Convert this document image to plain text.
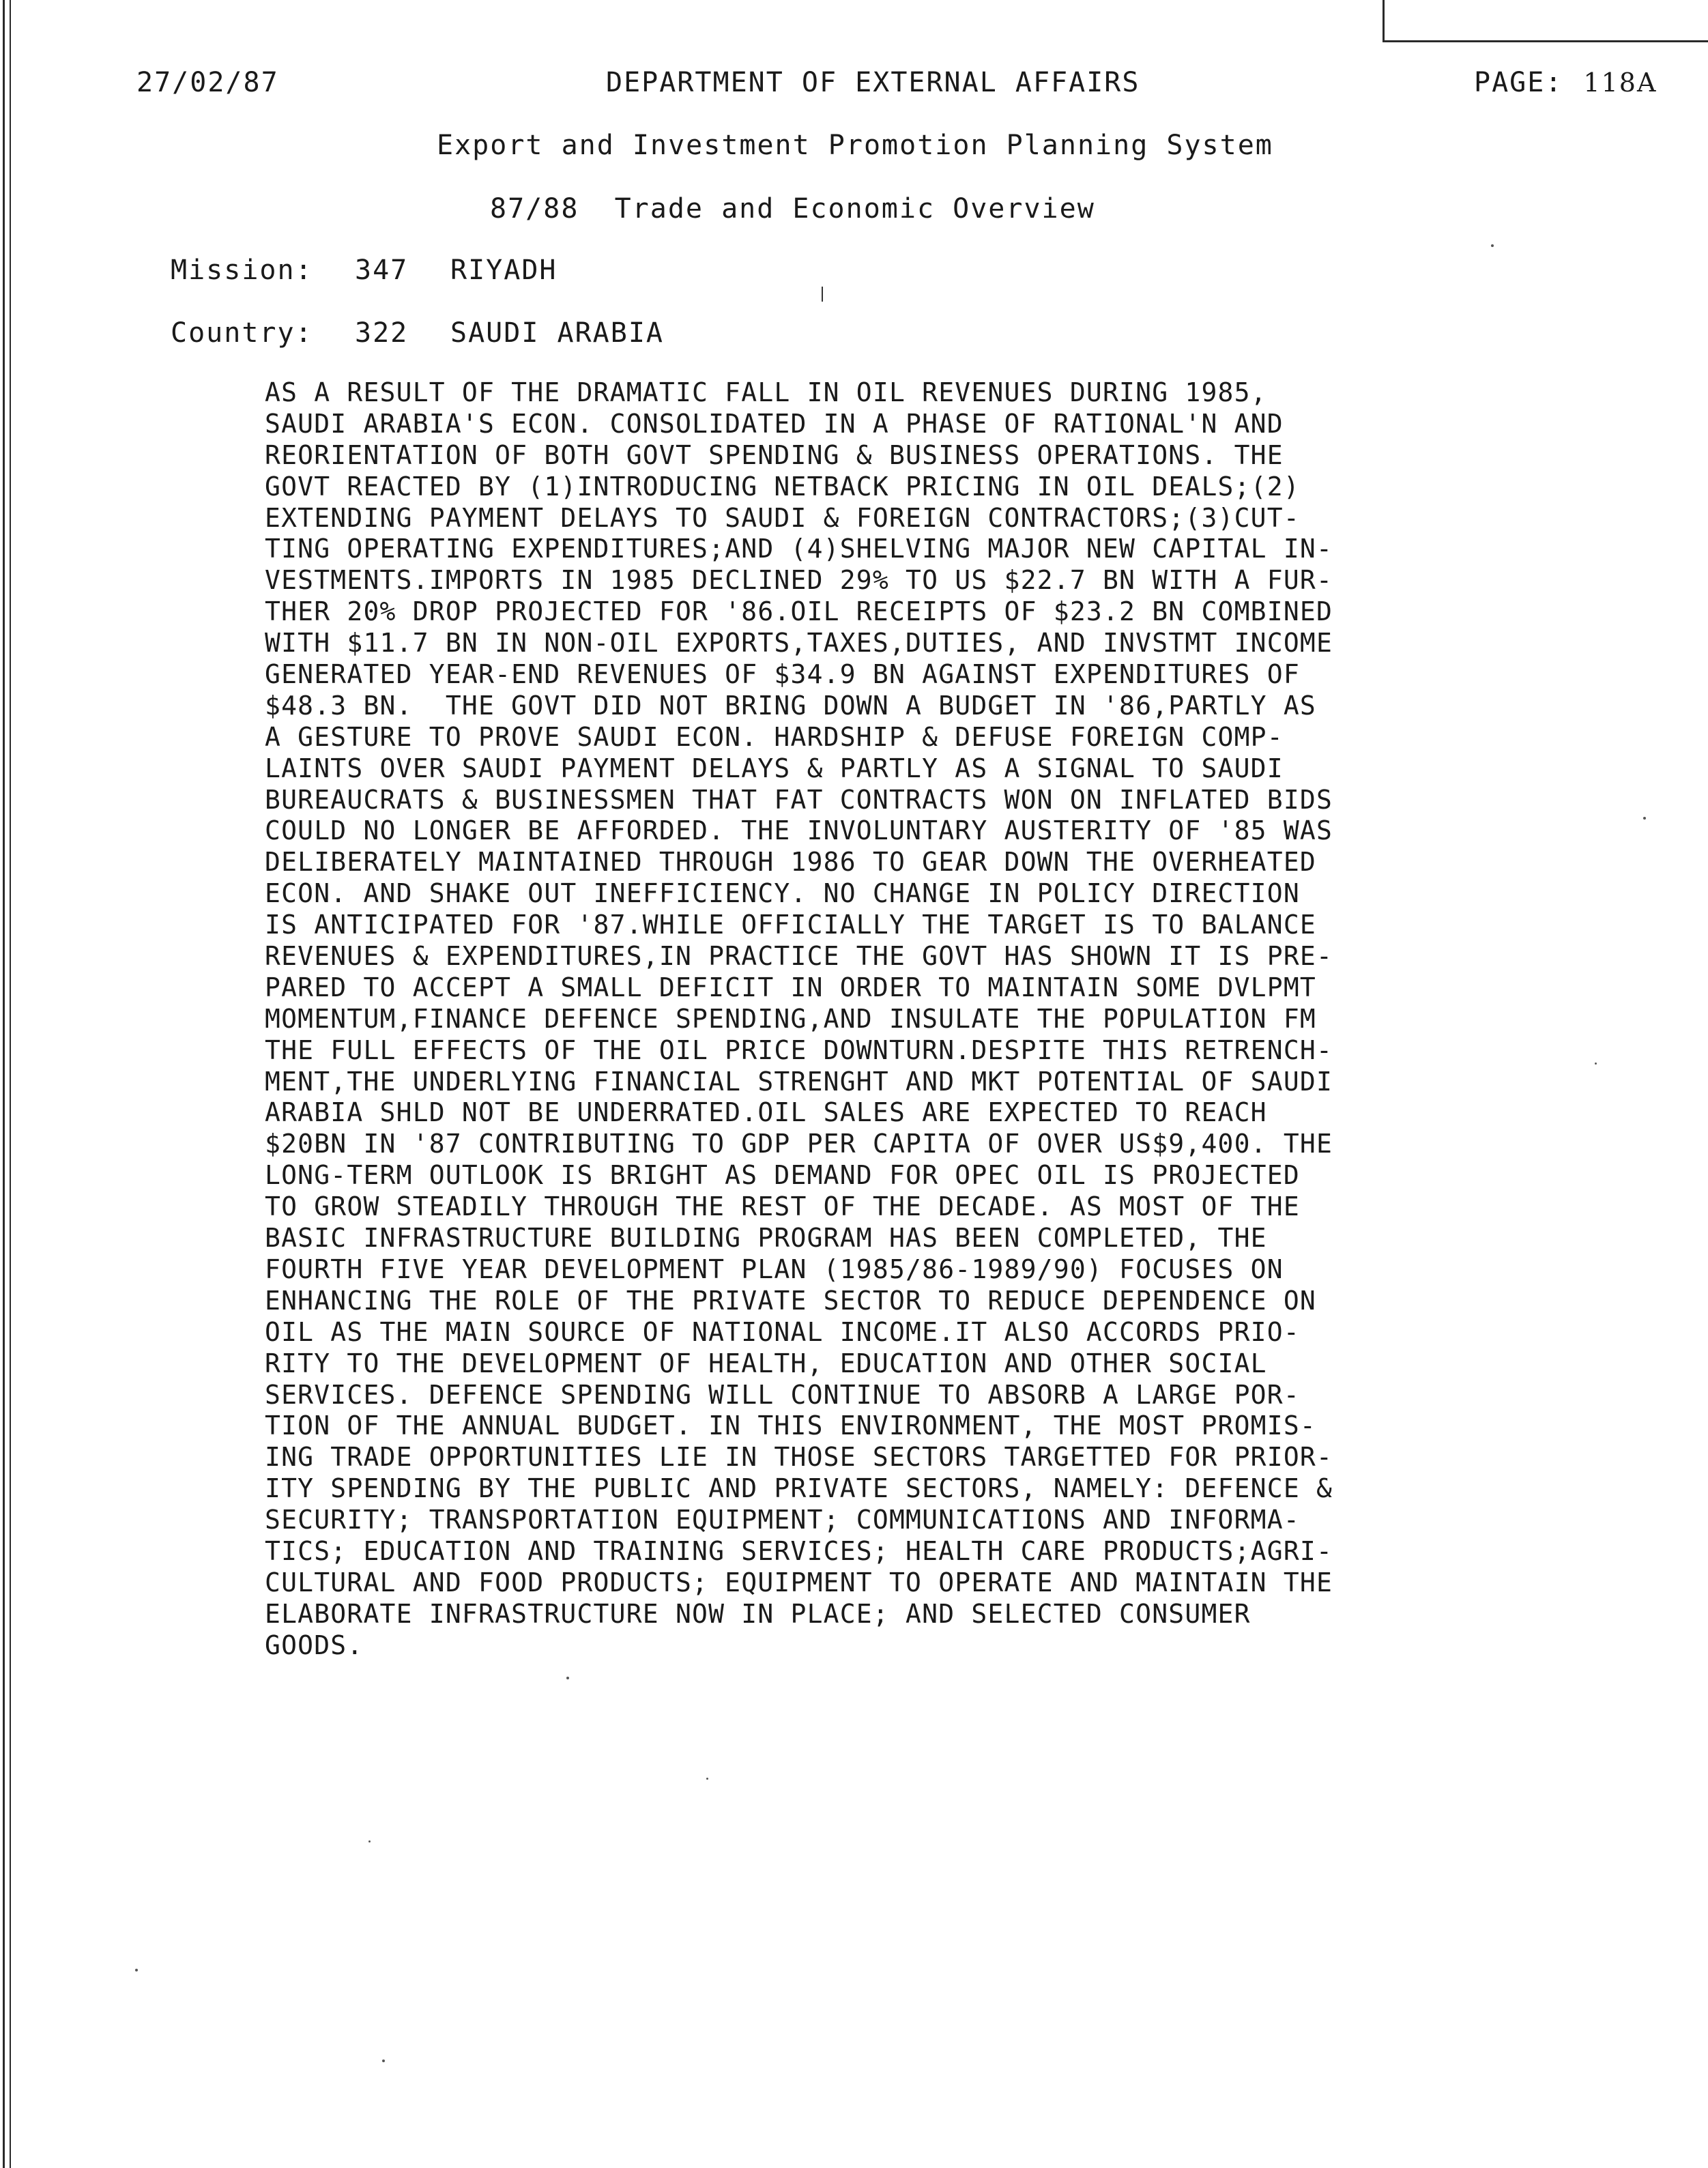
27/02/87	DEPARTMENT OF EXTERNAL AFFAIRS	PAGE: 118A
Export and Investment Promotion Planning System
87/88  Trade and Economic Overview
Mission: 347 RIYADH
Country: 322 SAUDI ARABIA
AS A RESULT OF THE DRAMATIC FALL IN OIL REVENUES DURING 1985,
SAUDI ARABIA'S ECON. CONSOLIDATED IN A PHASE OF RATIONAL'N AND
REORIENTATION OF BOTH GOVT SPENDING & BUSINESS OPERATIONS. THE
GOVT REACTED BY (1)INTRODUCING NETBACK PRICING IN OIL DEALS;(2)
EXTENDING PAYMENT DELAYS TO SAUDI & FOREIGN CONTRACTORS;(3)CUT-
TING OPERATING EXPENDITURES;AND (4)SHELVING MAJOR NEW CAPITAL IN-
VESTMENTS.IMPORTS IN 1985 DECLINED 29% TO US $22.7 BN WITH A FUR-
THER 20% DROP PROJECTED FOR '86.OIL RECEIPTS OF $23.2 BN COMBINED
WITH $11.7 BN IN NON-OIL EXPORTS,TAXES,DUTIES, AND INVSTMT INCOME
GENERATED YEAR-END REVENUES OF $34.9 BN AGAINST EXPENDITURES OF
$48.3 BN.  THE GOVT DID NOT BRING DOWN A BUDGET IN '86,PARTLY AS
A GESTURE TO PROVE SAUDI ECON. HARDSHIP & DEFUSE FOREIGN COMP-
LAINTS OVER SAUDI PAYMENT DELAYS & PARTLY AS A SIGNAL TO SAUDI
BUREAUCRATS & BUSINESSMEN THAT FAT CONTRACTS WON ON INFLATED BIDS
COULD NO LONGER BE AFFORDED. THE INVOLUNTARY AUSTERITY OF '85 WAS
DELIBERATELY MAINTAINED THROUGH 1986 TO GEAR DOWN THE OVERHEATED
ECON. AND SHAKE OUT INEFFICIENCY. NO CHANGE IN POLICY DIRECTION
IS ANTICIPATED FOR '87.WHILE OFFICIALLY THE TARGET IS TO BALANCE
REVENUES & EXPENDITURES,IN PRACTICE THE GOVT HAS SHOWN IT IS PRE-
PARED TO ACCEPT A SMALL DEFICIT IN ORDER TO MAINTAIN SOME DVLPMT
MOMENTUM,FINANCE DEFENCE SPENDING,AND INSULATE THE POPULATION FM
THE FULL EFFECTS OF THE OIL PRICE DOWNTURN.DESPITE THIS RETRENCH-
MENT,THE UNDERLYING FINANCIAL STRENGHT AND MKT POTENTIAL OF SAUDI
ARABIA SHLD NOT BE UNDERRATED.OIL SALES ARE EXPECTED TO REACH
$20BN IN '87 CONTRIBUTING TO GDP PER CAPITA OF OVER US$9,400. THE
LONG-TERM OUTLOOK IS BRIGHT AS DEMAND FOR OPEC OIL IS PROJECTED
TO GROW STEADILY THROUGH THE REST OF THE DECADE. AS MOST OF THE
BASIC INFRASTRUCTURE BUILDING PROGRAM HAS BEEN COMPLETED, THE
FOURTH FIVE YEAR DEVELOPMENT PLAN (1985/86-1989/90) FOCUSES ON
ENHANCING THE ROLE OF THE PRIVATE SECTOR TO REDUCE DEPENDENCE ON
OIL AS THE MAIN SOURCE OF NATIONAL INCOME.IT ALSO ACCORDS PRIO-
RITY TO THE DEVELOPMENT OF HEALTH, EDUCATION AND OTHER SOCIAL
SERVICES. DEFENCE SPENDING WILL CONTINUE TO ABSORB A LARGE POR-
TION OF THE ANNUAL BUDGET. IN THIS ENVIRONMENT, THE MOST PROMIS-
ING TRADE OPPORTUNITIES LIE IN THOSE SECTORS TARGETTED FOR PRIOR-
ITY SPENDING BY THE PUBLIC AND PRIVATE SECTORS, NAMELY: DEFENCE &
SECURITY; TRANSPORTATION EQUIPMENT; COMMUNICATIONS AND INFORMA-
TICS; EDUCATION AND TRAINING SERVICES; HEALTH CARE PRODUCTS;AGRI-
CULTURAL AND FOOD PRODUCTS; EQUIPMENT TO OPERATE AND MAINTAIN THE
ELABORATE INFRASTRUCTURE NOW IN PLACE; AND SELECTED CONSUMER
GOODS.
